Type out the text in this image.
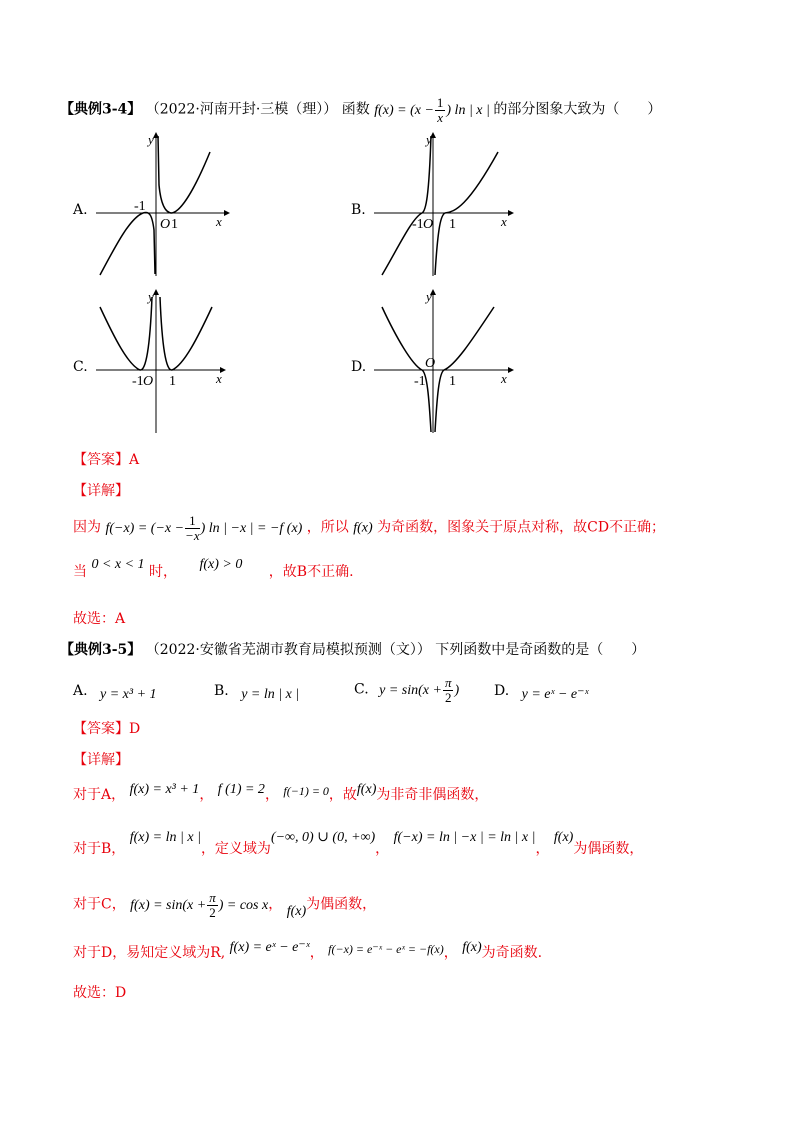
【典例3-4】 （2022·河南开封·三模（理）） 函数 $f(x) = (x - \frac{1}{x}$ ) ln | x | 的部分图象大致为（　　）
A.
y
x
-1
O 1
B.
y
x
-1 O 1
C.
y
x
-1 O 1
D.
y
x
-1
O
1
【答案】A
【详解】
因为 $f(-x) = (-x - \frac{1}{-x}$ ) ln | −x | = −f (x) ，所以 f(x) 为奇函数，图象关于原点对称，故CD不正确；
当 0 < x < 1 时， f(x) > 0 ，故B不正确.
故选：A
【典例3-5】 （2022·安徽省芜湖市教育局模拟预测（文）） 下列函数中是奇函数的是（　　）
A. y = x³ + 1	B. y = ln | x |	C. $y = \sin(x + \frac{\pi}{2}$ ) D. y = eˣ − e⁻ˣ
【答案】D
【详解】
对于A， f(x) = x³ + 1， f (1) = 2， f(−1) = 0，故f(x)为非奇非偶函数，
对于B， f(x) = ln | x |，定义域为(−∞, 0) ∪ (0, +∞)， f(−x) = ln | −x | = ln | x |， f(x)为偶函数，
对于C， $f(x) = \sin(x + \frac{\pi}{2}$ ) = cos x， f(x)为偶函数，
对于D，易知定义域为R, f(x) = eˣ − e⁻ˣ， f(−x) = e⁻ˣ − eˣ = −f(x)， f(x)为奇函数.
故选：D
